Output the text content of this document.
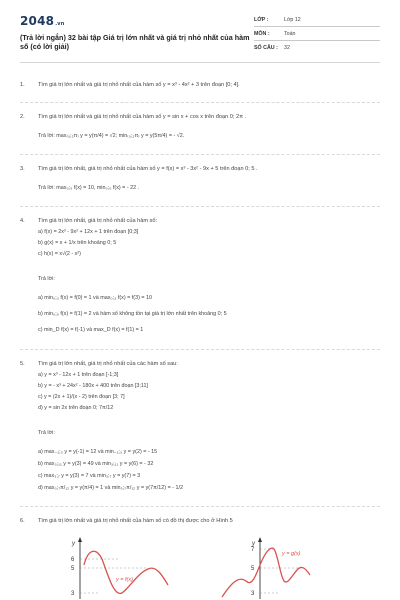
2048.vn
(Trả lời ngắn) 32 bài tập Giá trị lớn nhất và giá trị nhỏ nhất của hàm số (có lời giải)
LỚP :	Lớp 12
MÔN :	Toán
SỐ CÂU : 32
1. Tìm giá trị lớn nhất và giá trị nhỏ nhất của hàm số y = x³ - 4x² + 3 trên đoạn [0; 4].
2. Tìm giá trị lớn nhất và giá trị nhỏ nhất của hàm số y = sin x + cos x trên đoạn 0; 2π .
Trả lời: max₍₀;₂π₎ y = y(π/4) = √2; min₍₀;₂π₎ y = y(5π/4) = - √2.
3. Tìm giá trị lớn nhất, giá trị nhỏ nhất của hàm số y = f(x) = x³ - 3x² - 9x + 5 trên đoạn 0; 5 .
Trả lời: max₀;₅ f(x) = 10, min₀;₅ f(x) = - 22 .
4. Tìm giá trị lớn nhất, giá trị nhỏ nhất của hàm số:
a) f(x) = 2x³ - 9x² + 12x + 1 trên đoạn [0;3]
b) g(x) = x + 1/x trên khoảng 0; 5
c) h(x) = x√(2 - x²)
Trả lời:
a) min₀;₃ f(x) = f(0) = 1 và max₀;₃ f(x) = f(3) = 10
b) min₀;₅ f(x) = f(1) = 2 và hàm số không tồn tại giá trị lớn nhất trên khoảng 0; 5
c) min_D f(x) = f(-1) và max_D f(x) = f(1) = 1
5. Tìm giá trị lớn nhất, giá trị nhỏ nhất của các hàm số sau:
a) y = x³ - 12x + 1 trên đoạn [-1;3]
b) y = - x³ + 24x² - 180x + 400 trên đoạn [3;11]
c) y = (2x + 1)/(x - 2) trên đoạn [3; 7]
d) y = sin 2x trên đoạn 0; 7π/12
Trả lời:
a) max₋₁;₃ y = y(-1) = 12 và min₋₁;₃ y = y(2) = - 15
b) max₃;₁₁ y = y(3) = 49 và min₃;₁₁ y = y(6) = - 32
c) max₃;₇ y = y(3) = 7 và min₃;₇ y = y(7) = 3
d) max₀;₇π/₁₂ y = y(π/4) = 1 và min₀;₇π/₁₂ y = y(7π/12) = - 1/2
6. Tìm giá trị lớn nhất và giá trị nhỏ nhất của hàm số có đồ thị được cho ở Hình 5
y
6
5
3
y = f(x)
y
7
5
3
y = g(x)
